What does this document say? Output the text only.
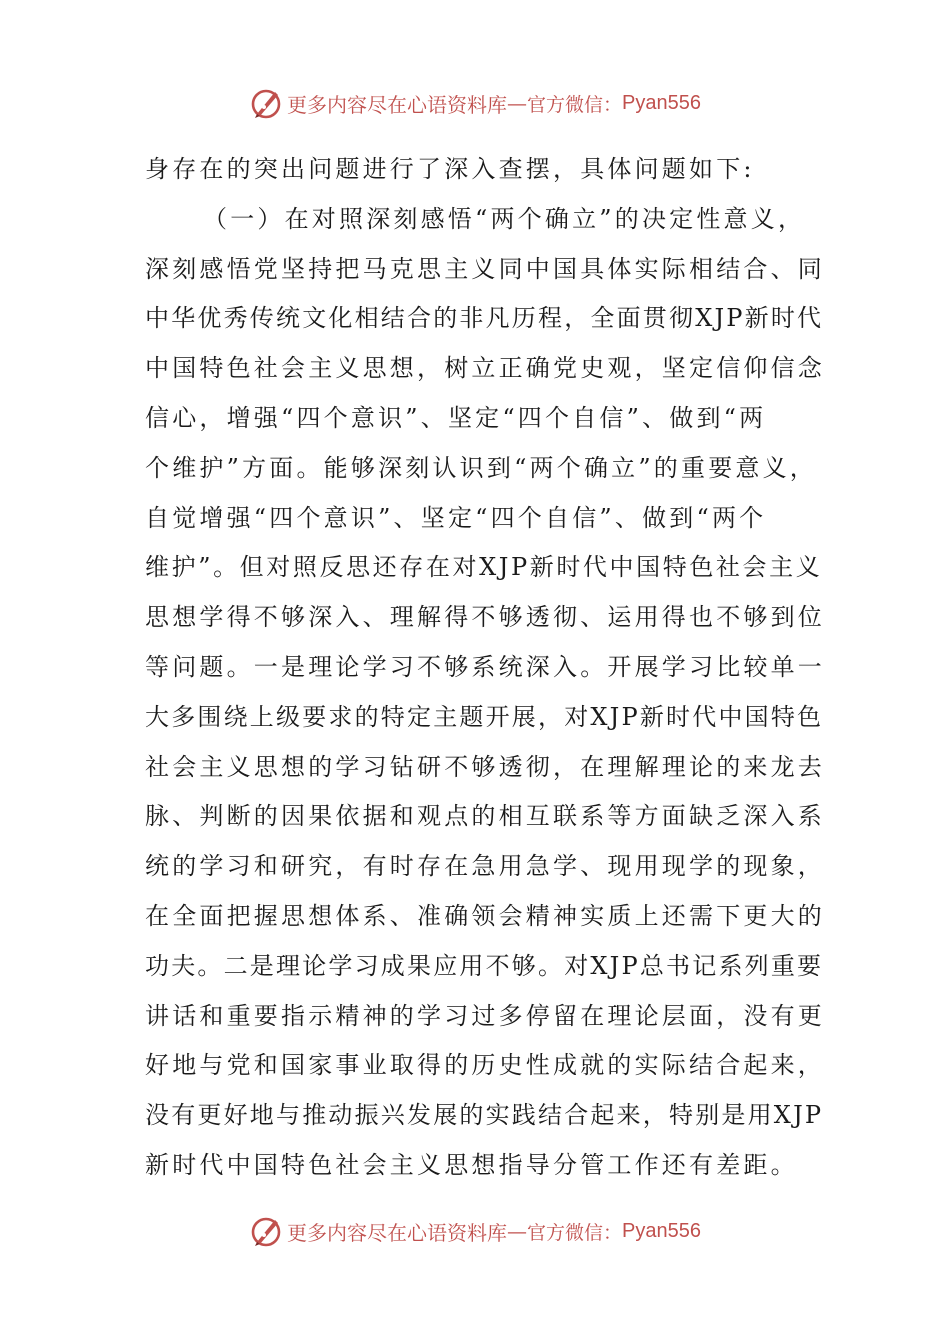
更多内容尽在心语资料库 — 官方微信： Pyan556
身存在的突出问题进行了深入查摆，具体问题如下:
（一）在对照深刻感悟“两个确立”的决定性意义，
深刻感悟党坚持把马克思主义同中国具体实际相结合、同
中华优秀传统文化相结合的非凡历程，全面贯彻XJP新时代
中国特色社会主义思想，树立正确党史观，坚定信仰信念
信心，增强“四个意识”、坚定“四个自信”、做到“两
个维护”方面。能够深刻认识到“两个确立”的重要意义，
自觉增强“四个意识”、坚定“四个自信”、做到“两个
维护”。但对照反思还存在对XJP新时代中国特色社会主义
思想学得不够深入、理解得不够透彻、运用得也不够到位
等问题。一是理论学习不够系统深入。开展学习比较单一
大多围绕上级要求的特定主题开展，对XJP新时代中国特色
社会主义思想的学习钻研不够透彻，在理解理论的来龙去
脉、判断的因果依据和观点的相互联系等方面缺乏深入系
统的学习和研究，有时存在急用急学、现用现学的现象，
在全面把握思想体系、准确领会精神实质上还需下更大的
功夫。二是理论学习成果应用不够。对XJP总书记系列重要
讲话和重要指示精神的学习过多停留在理论层面，没有更
好地与党和国家事业取得的历史性成就的实际结合起来，
没有更好地与推动振兴发展的实践结合起来，特别是用XJP
新时代中国特色社会主义思想指导分管工作还有差距。
更多内容尽在心语资料库 — 官方微信： Pyan556
